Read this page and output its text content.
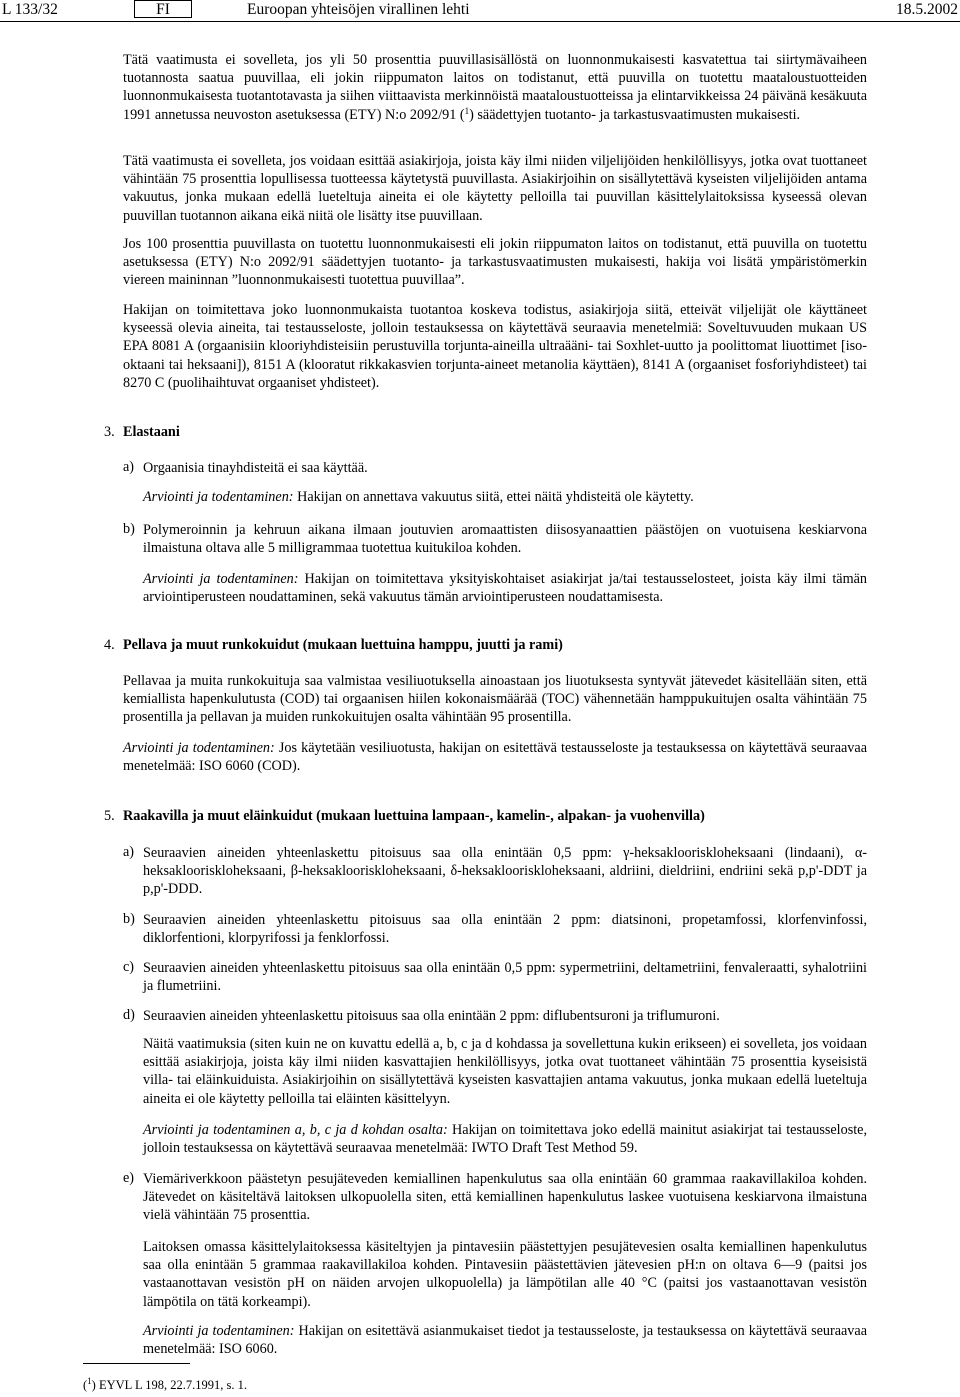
L 133/32	FI	Euroopan yhteisöjen virallinen lehti	18.5.2002

Tätä vaatimusta ei sovelleta, jos yli 50 prosenttia puuvillasisällöstä on luonnonmukaisesti kasvatettua tai siirtymävaiheen tuotannosta saatua puuvillaa, eli jokin riippumaton laitos on todistanut, että puuvilla on tuotettu maataloustuotteiden luonnonmukaisesta tuotantotavasta ja siihen viittaavista merkinnöistä maataloustuotteissa ja elintarvikkeissa 24 päivänä kesäkuuta 1991 annetussa neuvoston asetuksessa (ETY) N:o 2092/91 ($^1$) säädettyjen tuotanto- ja tarkastusvaatimusten mukaisesti.

Tätä vaatimusta ei sovelleta, jos voidaan esittää asiakirjoja, joista käy ilmi niiden viljelijöiden henkilöllisyys, jotka ovat tuottaneet vähintään 75 prosenttia lopullisessa tuotteessa käytetystä puuvillasta. Asiakirjoihin on sisällytettävä kyseisten viljelijöiden antama vakuutus, jonka mukaan edellä lueteltuja aineita ei ole käytetty pelloilla tai puuvillan käsittelylaitoksissa kyseessä olevan puuvillan tuotannon aikana eikä niitä ole lisätty itse puuvillaan.

Jos 100 prosenttia puuvillasta on tuotettu luonnonmukaisesti eli jokin riippumaton laitos on todistanut, että puuvilla on tuotettu asetuksessa (ETY) N:o 2092/91 säädettyjen tuotanto- ja tarkastusvaatimusten mukaisesti, hakija voi lisätä ympäristömerkin viereen maininnan ”luonnonmukaisesti tuotettua puuvillaa”.

Hakijan on toimitettava joko luonnonmukaista tuotantoa koskeva todistus, asiakirjoja siitä, etteivät viljelijät ole käyttäneet kyseessä olevia aineita, tai testausseloste, jolloin testauksessa on käytettävä seuraavia menetelmiä: Soveltuvuuden mukaan US EPA 8081 A (orgaanisiin klooriyhdisteisiin perustuvilla torjunta-aineilla ultraääni- tai Soxhlet-uutto ja poolittomat liuottimet [iso-oktaani tai heksaani]), 8151 A (klooratut rikkakasvien torjunta-aineet metanolia käyttäen), 8141 A (orgaaniset fosforiyhdisteet) tai 8270 C (puolihaihtuvat orgaaniset yhdisteet).

3. Elastaani
a) Orgaanisia tinayhdisteitä ei saa käyttää.

Arviointi ja todentaminen: Hakijan on annettava vakuutus siitä, ettei näitä yhdisteitä ole käytetty.

b) Polymeroinnin ja kehruun aikana ilmaan joutuvien aromaattisten diisosyanaattien päästöjen on vuotuisena keskiarvona ilmaistuna oltava alle 5 milligrammaa tuotettua kuitukiloa kohden.

Arviointi ja todentaminen: Hakijan on toimitettava yksityiskohtaiset asiakirjat ja/tai testausselosteet, joista käy ilmi tämän arviointiperusteen noudattaminen, sekä vakuutus tämän arviointiperusteen noudattamisesta.

4. Pellava ja muut runkokuidut (mukaan luettuina hamppu, juutti ja rami)

Pellavaa ja muita runkokuituja saa valmistaa vesiliuotuksella ainoastaan jos liuotuksesta syntyvät jätevedet käsitellään siten, että kemiallista hapenkulutusta (COD) tai orgaanisen hiilen kokonaismäärää (TOC) vähennetään hamppukuitujen osalta vähintään 75 prosentilla ja pellavan ja muiden runkokuitujen osalta vähintään 95 prosentilla.

Arviointi ja todentaminen: Jos käytetään vesiliuotusta, hakijan on esitettävä testausseloste ja testauksessa on käytettävä seuraavaa menetelmää: ISO 6060 (COD).

5. Raakavilla ja muut eläinkuidut (mukaan luettuina lampaan-, kamelin-, alpakan- ja vuohenvilla)
a) Seuraavien aineiden yhteenlaskettu pitoisuus saa olla enintään 0,5 ppm: γ-heksaklooriskloheksaani (lindaani), α-heksaklooriskloheksaani, β-heksaklooriskloheksaani, δ-heksaklooriskloheksaani, aldriini, dieldriini, endriini sekä p,p'-DDT ja p,p'-DDD.

b) Seuraavien aineiden yhteenlaskettu pitoisuus saa olla enintään 2 ppm: diatsinoni, propetamfossi, klorfenvinfossi, diklorfentioni, klorpyrifossi ja fenklorfossi.

c) Seuraavien aineiden yhteenlaskettu pitoisuus saa olla enintään 0,5 ppm: sypermetriini, deltametriini, fenvaleraatti, syhalotriini ja flumetriini.

d) Seuraavien aineiden yhteenlaskettu pitoisuus saa olla enintään 2 ppm: diflubentsuroni ja triflumuroni.

Näitä vaatimuksia (siten kuin ne on kuvattu edellä a, b, c ja d kohdassa ja sovellettuna kukin erikseen) ei sovelleta, jos voidaan esittää asiakirjoja, joista käy ilmi niiden kasvattajien henkilöllisyys, jotka ovat tuottaneet vähintään 75 prosenttia kyseisistä villa- tai eläinkuiduista. Asiakirjoihin on sisällytettävä kyseisten kasvattajien antama vakuutus, jonka mukaan edellä lueteltuja aineita ei ole käytetty pelloilla tai eläinten käsittelyyn.

Arviointi ja todentaminen a, b, c ja d kohdan osalta: Hakijan on toimitettava joko edellä mainitut asiakirjat tai testausseloste, jolloin testauksessa on käytettävä seuraavaa menetelmää: IWTO Draft Test Method 59.

e) Viemäriverkkoon päästetyn pesujäteveden kemiallinen hapenkulutus saa olla enintään 60 grammaa raakavillakiloa kohden. Jätevedet on käsiteltävä laitoksen ulkopuolella siten, että kemiallinen hapenkulutus laskee vuotuisena keskiarvona ilmaistuna vielä vähintään 75 prosenttia.

Laitoksen omassa käsittelylaitoksessa käsiteltyjen ja pintavesiin päästettyjen pesujätevesien osalta kemiallinen hapenkulutus saa olla enintään 5 grammaa raakavillakiloa kohden. Pintavesiin päästettävien jätevesien pH:n on oltava 6—9 (paitsi jos vastaanottavan vesistön pH on näiden arvojen ulkopuolella) ja lämpötilan alle 40 °C (paitsi jos vastaanottavan vesistön lämpötila on tätä korkeampi).

Arviointi ja todentaminen: Hakijan on esitettävä asianmukaiset tiedot ja testausseloste, ja testauksessa on käytettävä seuraavaa menetelmää: ISO 6060.

($^1$) EYVL L 198, 22.7.1991, s. 1.
